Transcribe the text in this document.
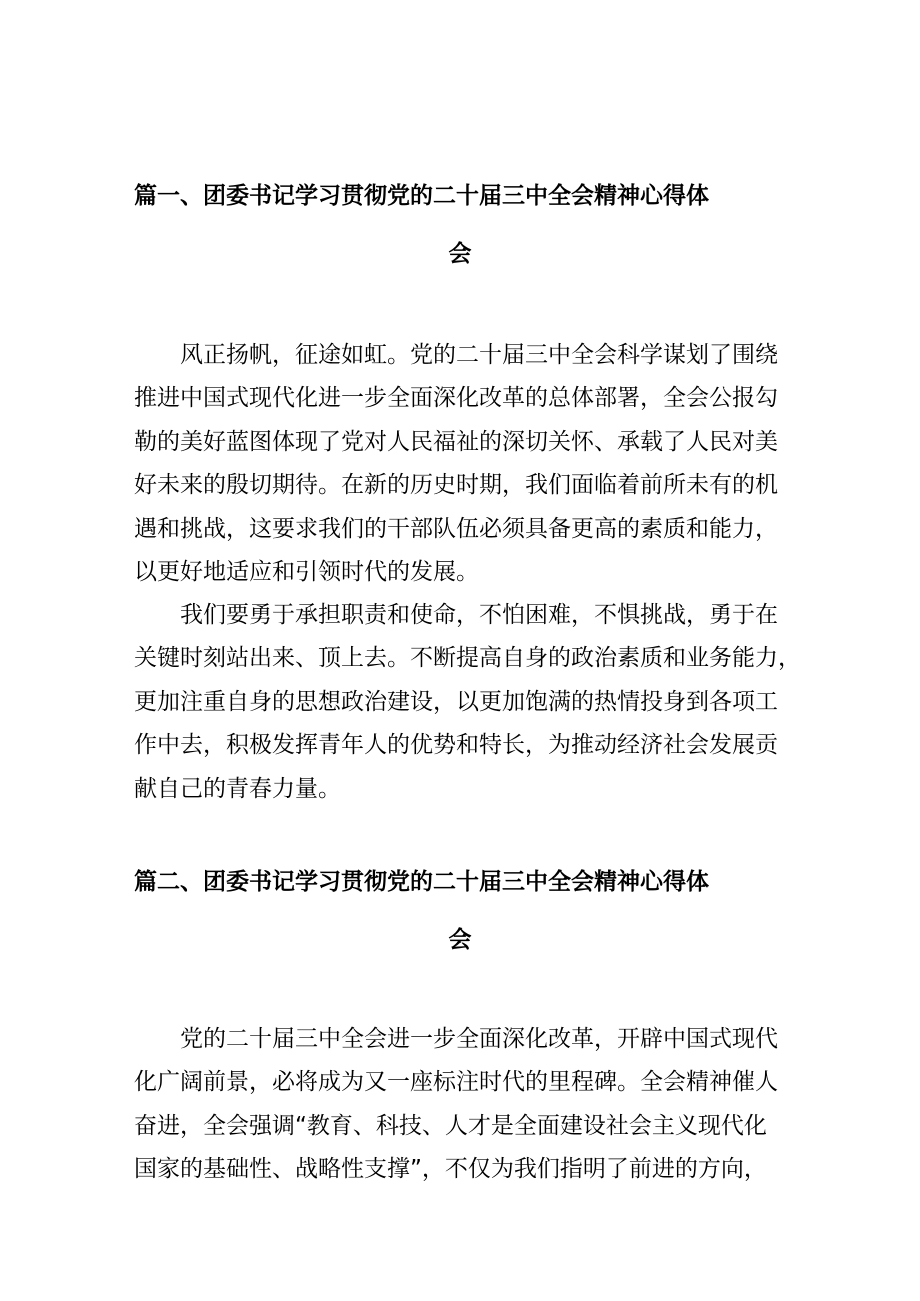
篇一、团委书记学习贯彻党的二十届三中全会精神心得体
会
风正扬帆，征途如虹。党的二十届三中全会科学谋划了围绕
推进中国式现代化进一步全面深化改革的总体部署，全会公报勾
勒的美好蓝图体现了党对人民福祉的深切关怀、承载了人民对美
好未来的殷切期待。在新的历史时期，我们面临着前所未有的机
遇和挑战，这要求我们的干部队伍必须具备更高的素质和能力，
以更好地适应和引领时代的发展。
我们要勇于承担职责和使命，不怕困难，不惧挑战，勇于在
关键时刻站出来、顶上去。不断提高自身的政治素质和业务能力，
更加注重自身的思想政治建设，以更加饱满的热情投身到各项工
作中去，积极发挥青年人的优势和特长，为推动经济社会发展贡
献自己的青春力量。
篇二、团委书记学习贯彻党的二十届三中全会精神心得体
会
党的二十届三中全会进一步全面深化改革，开辟中国式现代
化广阔前景，必将成为又一座标注时代的里程碑。全会精神催人
奋进，全会强调“教育、科技、人才是全面建设社会主义现代化
国家的基础性、战略性支撑”，不仅为我们指明了前进的方向，
